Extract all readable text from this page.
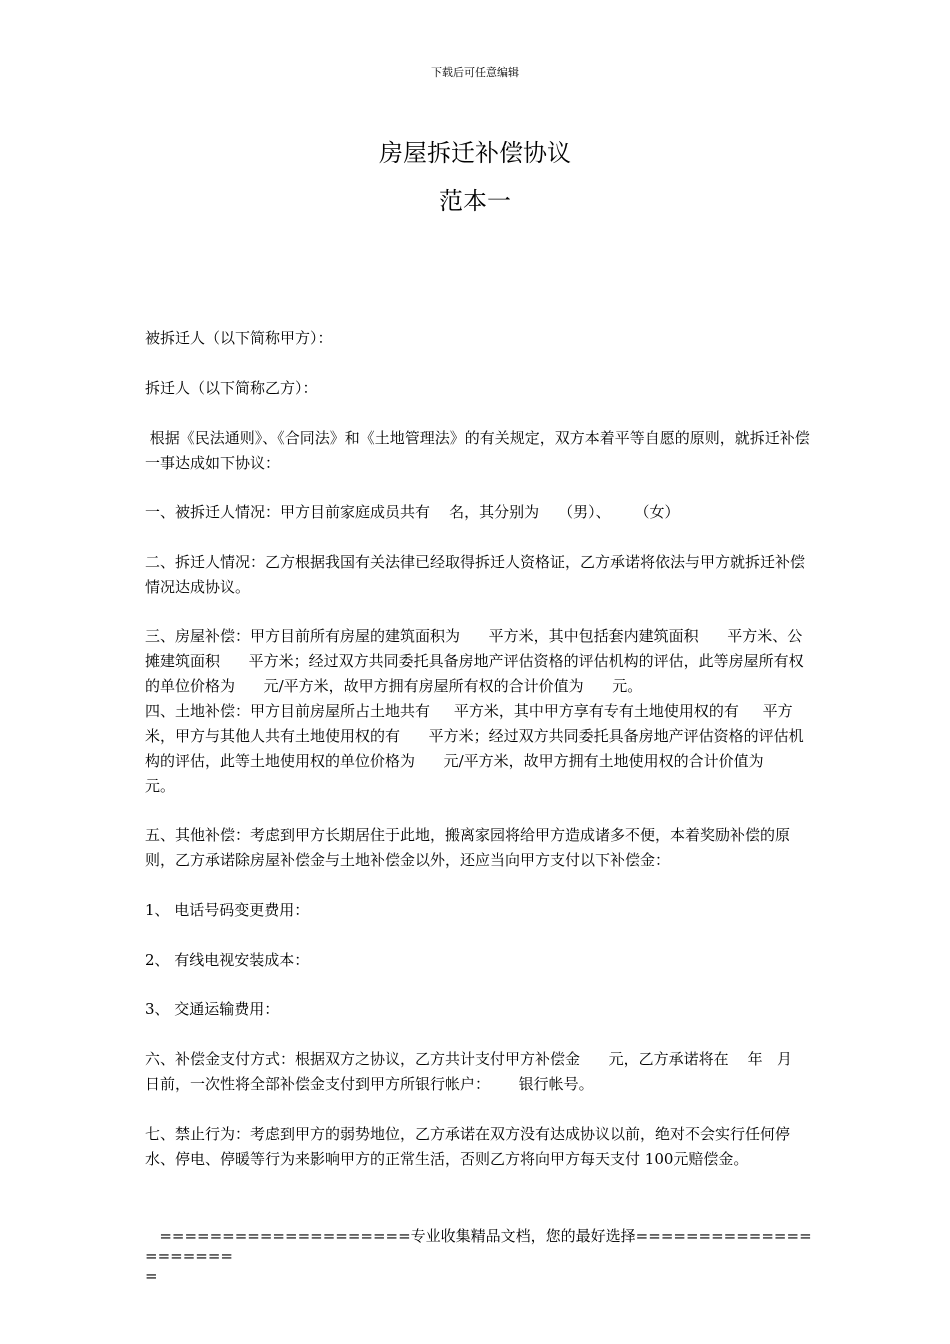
下载后可任意编辑
房屋拆迁补偿协议
范本一
被拆迁人（以下简称甲方）：
拆迁人（以下简称乙方）：
根据《民法通则》、《合同法》和《土地管理法》的有关规定，双方本着平等自愿的原则，就拆迁补偿一事达成如下协议：
一、被拆迁人情况：甲方目前家庭成员共有    名，其分别为    （男）、     （女）
二、拆迁人情况：乙方根据我国有关法律已经取得拆迁人资格证，乙方承诺将依法与甲方就拆迁补偿情况达成协议。
三、房屋补偿：甲方目前所有房屋的建筑面积为      平方米，其中包括套内建筑面积      平方米、公摊建筑面积      平方米；经过双方共同委托具备房地产评估资格的评估机构的评估，此等房屋所有权的单位价格为      元/平方米，故甲方拥有房屋所有权的合计价值为      元。
四、土地补偿：甲方目前房屋所占土地共有     平方米，其中甲方享有专有土地使用权的有     平方米，甲方与其他人共有土地使用权的有      平方米；经过双方共同委托具备房地产评估资格的评估机构的评估，此等土地使用权的单位价格为      元/平方米，故甲方拥有土地使用权的合计价值为      元。
五、其他补偿：考虑到甲方长期居住于此地，搬离家园将给甲方造成诸多不便，本着奖励补偿的原则，乙方承诺除房屋补偿金与土地补偿金以外，还应当向甲方支付以下补偿金：
1、 电话号码变更费用：
2、 有线电视安装成本：
3、 交通运输费用：
六、补偿金支付方式：根据双方之协议，乙方共计支付甲方补偿金      元，乙方承诺将在    年   月   日前，一次性将全部补偿金支付到甲方所银行帐户：      银行帐号。
七、禁止行为：考虑到甲方的弱势地位，乙方承诺在双方没有达成协议以前，绝对不会实行任何停水、停电、停暖等行为来影响甲方的正常生活，否则乙方将向甲方每天支付 100元赔偿金。
====================专业收集精品文档，您的最好选择=====================
=
